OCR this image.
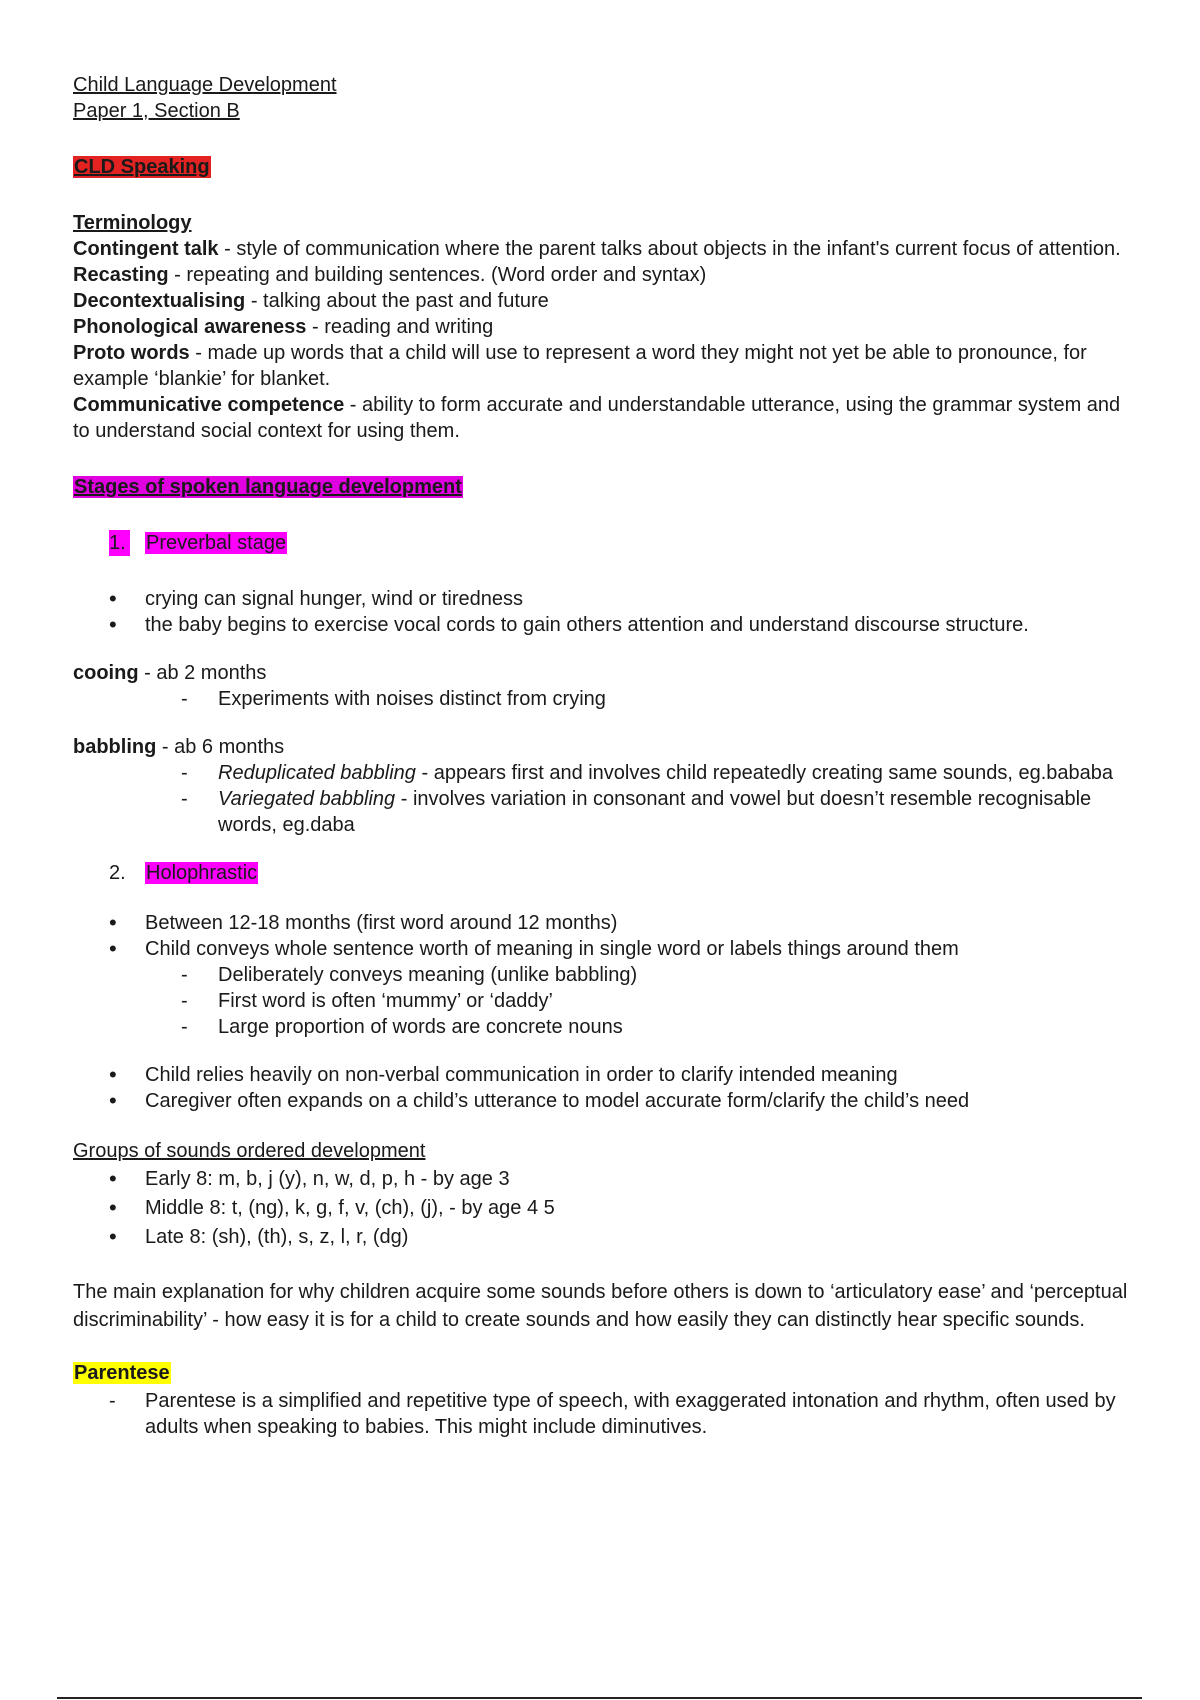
Child Language Development

Paper 1, Section B

CLD Speaking

Terminology

Contingent talk - style of communication where the parent talks about objects in the infant's current focus of attention.

Recasting - repeating and building sentences. (Word order and syntax)

Decontextualising - talking about the past and future

Phonological awareness - reading and writing

Proto words - made up words that a child will use to represent a word they might not yet be able to pronounce, for example ‘blankie’ for blanket.

Communicative competence - ability to form accurate and understandable utterance, using the grammar system and to understand social context for using them.

Stages of spoken language development

1. Preverbal stage

• crying can signal hunger, wind or tiredness
• the baby begins to exercise vocal cords to gain others attention and understand discourse structure.

cooing - ab 2 months

- Experiments with noises distinct from crying

babbling - ab 6 months

- Reduplicated babbling - appears first and involves child repeatedly creating same sounds, eg.bababa
- Variegated babbling - involves variation in consonant and vowel but doesn’t resemble recognisable words, eg.daba

2. Holophrastic

• Between 12-18 months (first word around 12 months)
• Child conveys whole sentence worth of meaning in single word or labels things around them
- Deliberately conveys meaning (unlike babbling)
- First word is often ‘mummy’ or ‘daddy’
- Large proportion of words are concrete nouns
• Child relies heavily on non-verbal communication in order to clarify intended meaning
• Caregiver often expands on a child’s utterance to model accurate form/clarify the child’s need

Groups of sounds ordered development

• Early 8: m, b, j (y), n, w, d, p, h - by age 3
• Middle 8: t, (ng), k, g, f, v, (ch), (j), - by age 4 5
• Late 8: (sh), (th), s, z, l, r, (dg)

The main explanation for why children acquire some sounds before others is down to ‘articulatory ease’ and ‘perceptual discriminability’ - how easy it is for a child to create sounds and how easily they can distinctly hear specific sounds.

Parentese

- Parentese is a simplified and repetitive type of speech, with exaggerated intonation and rhythm, often used by adults when speaking to babies. This might include diminutives.
